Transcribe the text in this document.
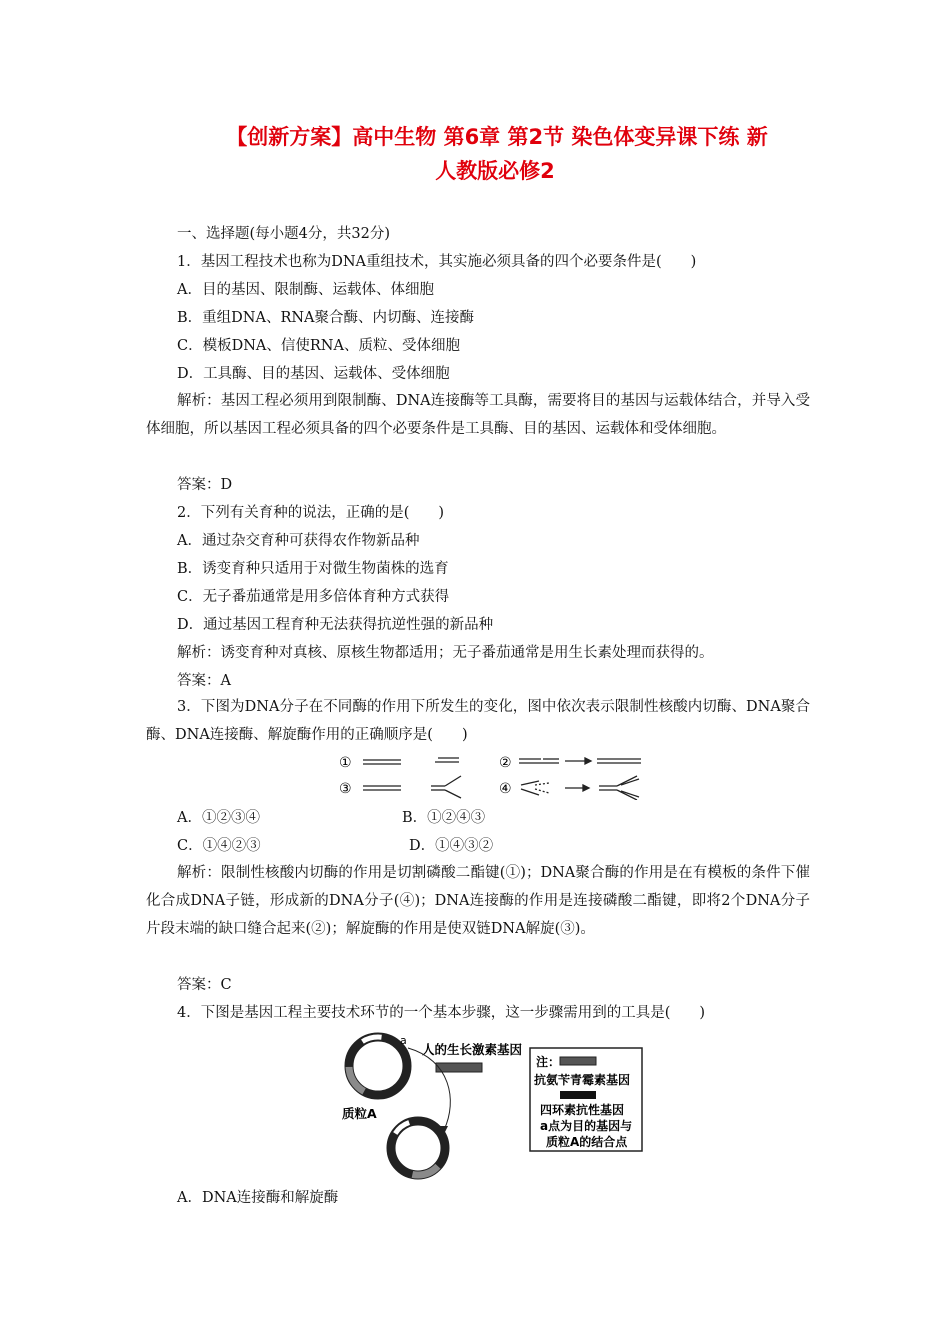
【创新方案】高中生物 第6章 第2节 染色体变异课下练 新
人教版必修2
一、选择题(每小题4分，共32分)
1．基因工程技术也称为DNA重组技术，其实施必须具备的四个必要条件是(　　)
A．目的基因、限制酶、运载体、体细胞
B．重组DNA、RNA聚合酶、内切酶、连接酶
C．模板DNA、信使RNA、质粒、受体细胞
D．工具酶、目的基因、运载体、受体细胞
解析：基因工程必须用到限制酶、DNA连接酶等工具酶，需要将目的基因与运载体结合，并导入受体细胞，所以基因工程必须具备的四个必要条件是工具酶、目的基因、运载体和受体细胞。
答案：D
2．下列有关育种的说法，正确的是(　　)
A．通过杂交育种可获得农作物新品种
B．诱变育种只适用于对微生物菌株的选育
C．无子番茄通常是用多倍体育种方式获得
D．通过基因工程育种无法获得抗逆性强的新品种
解析：诱变育种对真核、原核生物都适用；无子番茄通常是用生长素处理而获得的。
答案：A
3．下图为DNA分子在不同酶的作用下所发生的变化，图中依次表示限制性核酸内切酶、DNA聚合酶、DNA连接酶、解旋酶作用的正确顺序是(　　)
①	②
③	④
A．①②③④	B．①②④③
C．①④②③	D．①④③②
解析：限制性核酸内切酶的作用是切割磷酸二酯键(①)；DNA聚合酶的作用是在有模板的条件下催化合成DNA子链，形成新的DNA分子(④)；DNA连接酶的作用是连接磷酸二酯键，即将2个DNA分子片段末端的缺口缝合起来(②)；解旋酶的作用是使双链DNA解旋(③)。
答案：C
4．下图是基因工程主要技术环节的一个基本步骤，这一步骤需用到的工具是(　　)
a
人的生长激素基因
质粒A
注：
抗氨苄青霉素基因
四环素抗性基因
a点为目的基因与
质粒A的结合点
A．DNA连接酶和解旋酶
